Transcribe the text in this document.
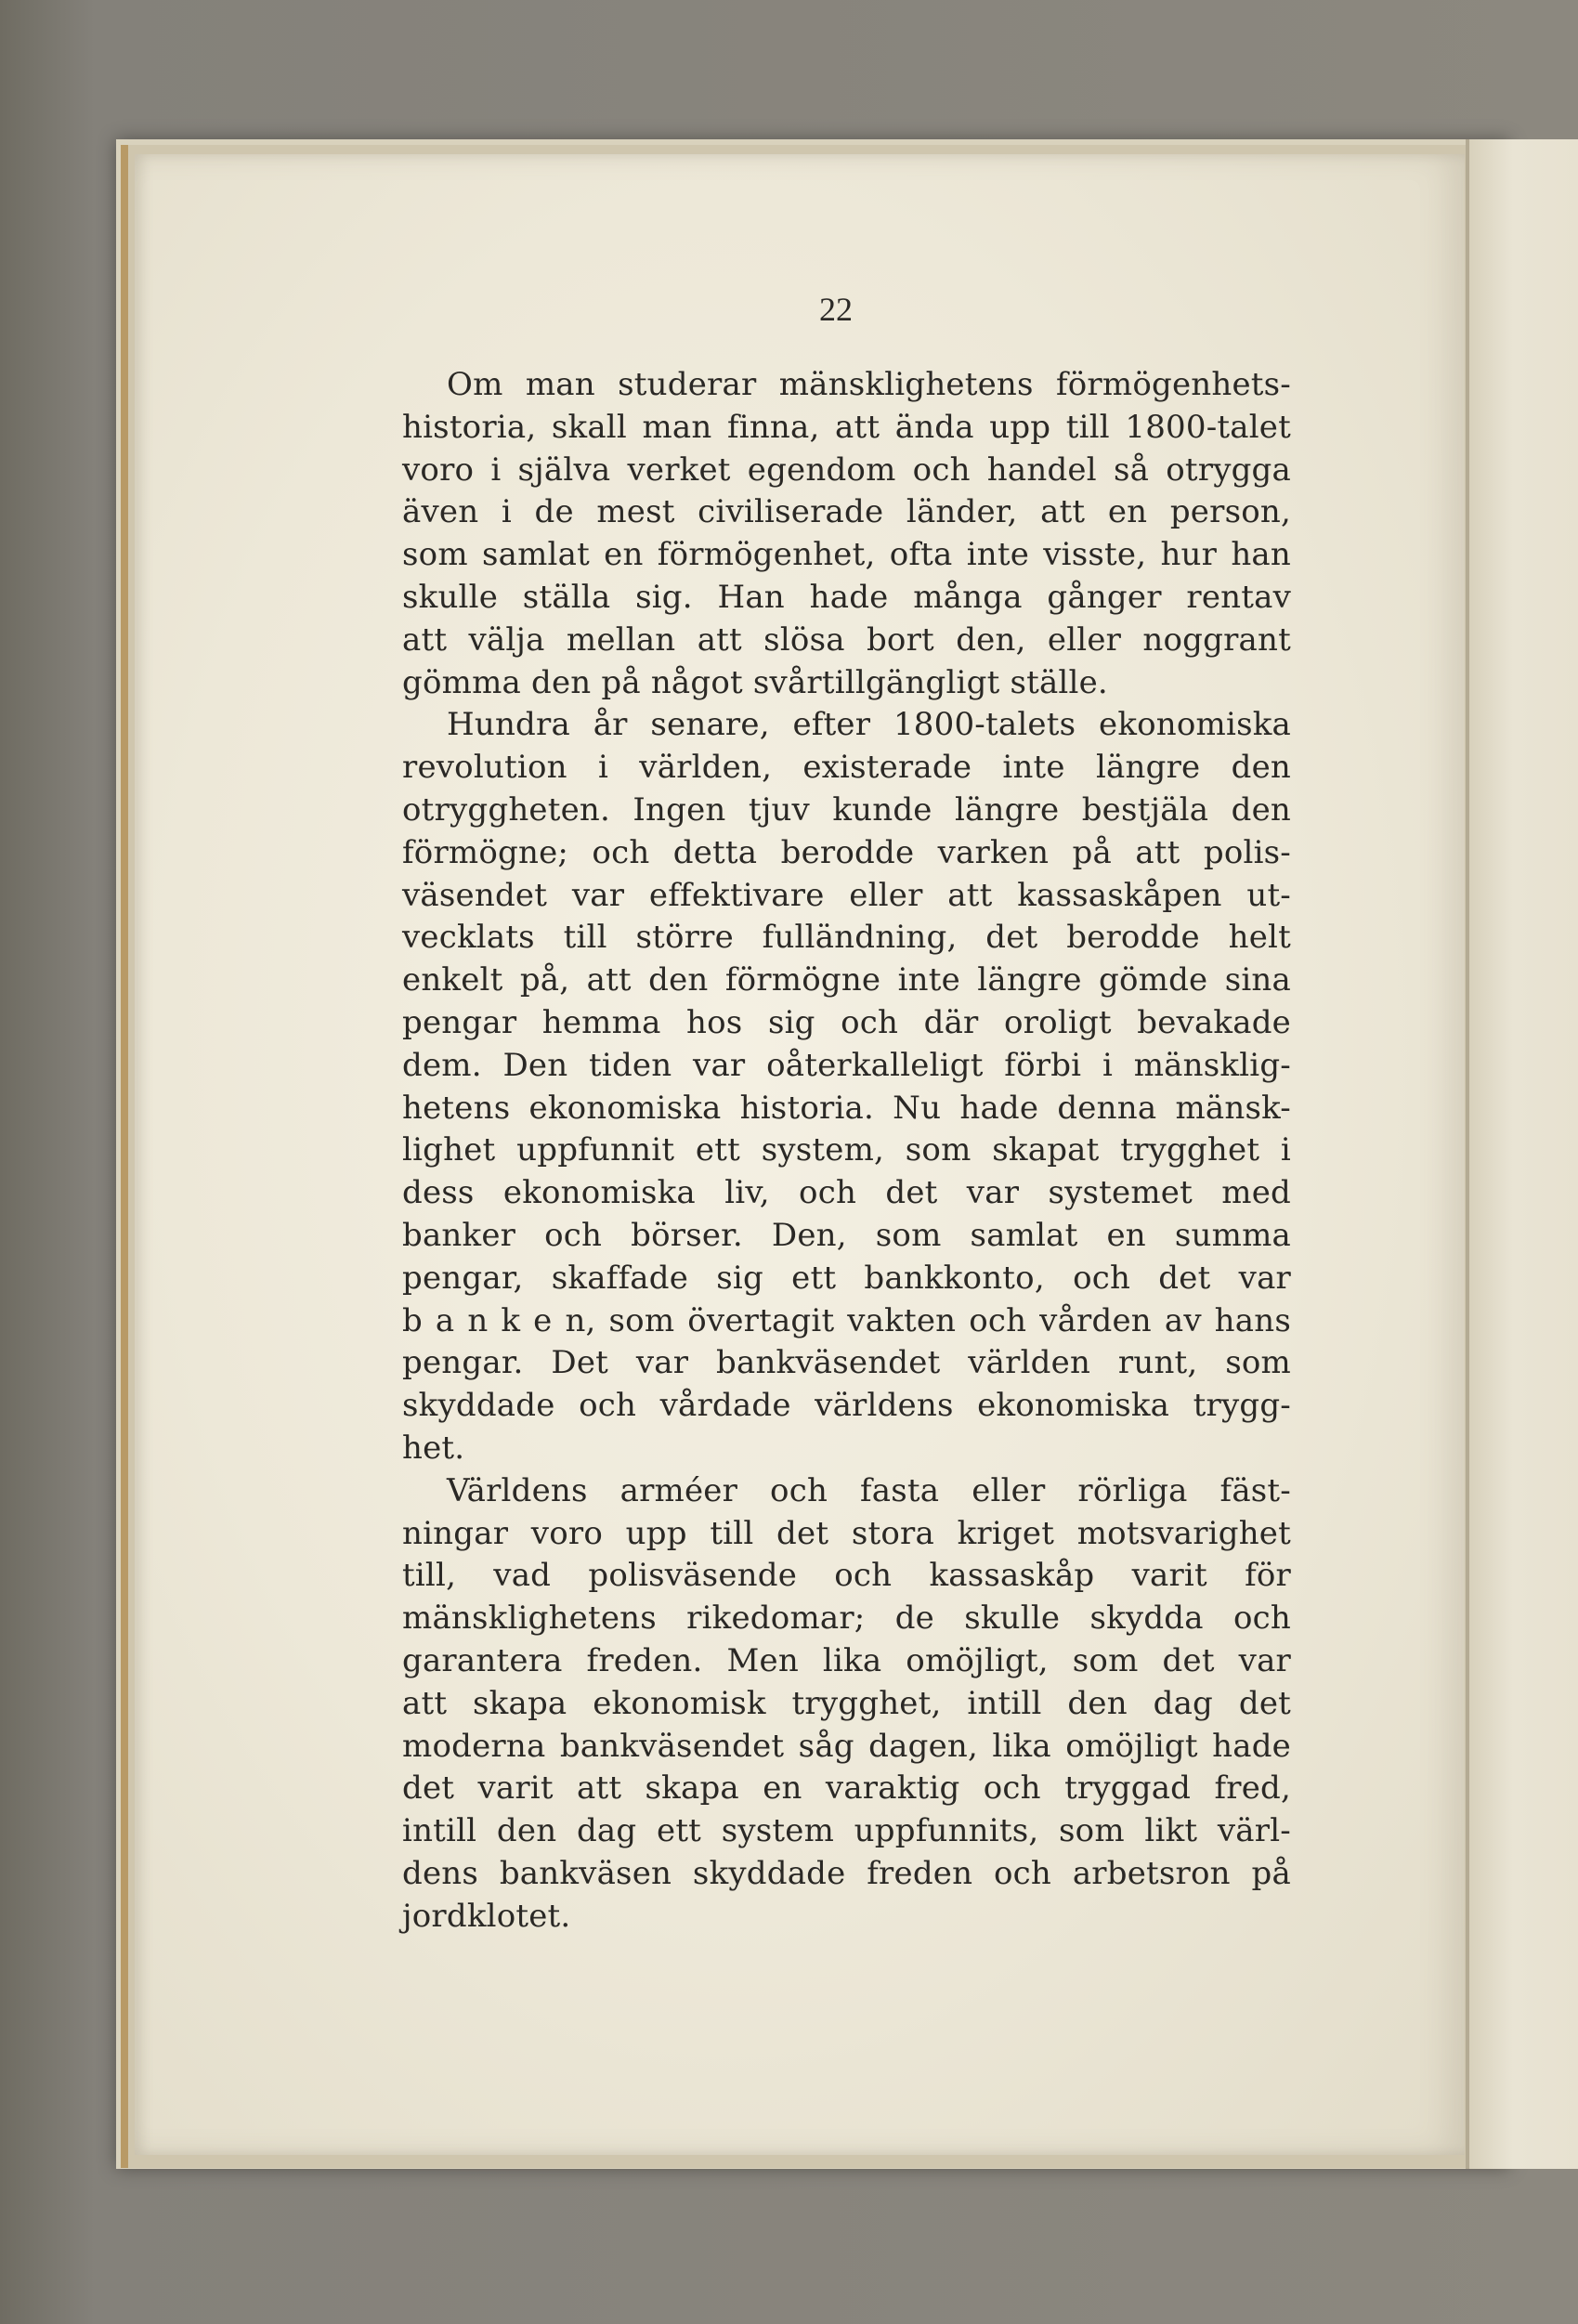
22
Om man studerar mänsklighetens förmögenhets-
historia, skall man finna, att ända upp till 1800-talet
voro i själva verket egendom och handel så otrygga
även i de mest civiliserade länder, att en person,
som samlat en förmögenhet, ofta inte visste, hur han
skulle ställa sig. Han hade många gånger rentav
att välja mellan att slösa bort den, eller noggrant
gömma den på något svårtillgängligt ställe.
Hundra år senare, efter 1800-talets ekonomiska
revolution i världen, existerade inte längre den
otryggheten. Ingen tjuv kunde längre bestjäla den
förmögne; och detta berodde varken på att polis-
väsendet var effektivare eller att kassaskåpen ut-
vecklats till större fulländning, det berodde helt
enkelt på, att den förmögne inte längre gömde sina
pengar hemma hos sig och där oroligt bevakade
dem. Den tiden var oåterkalleligt förbi i mänsklig-
hetens ekonomiska historia. Nu hade denna mänsk-
lighet uppfunnit ett system, som skapat trygghet i
dess ekonomiska liv, och det var systemet med
banker och börser. Den, som samlat en summa
pengar, skaffade sig ett bankkonto, och det var
b a n k e n, som övertagit vakten och vården av hans
pengar. Det var bankväsendet världen runt, som
skyddade och vårdade världens ekonomiska trygg-
het.
Världens arméer och fasta eller rörliga fäst-
ningar voro upp till det stora kriget motsvarighet
till, vad polisväsende och kassaskåp varit för
mänsklighetens rikedomar; de skulle skydda och
garantera freden. Men lika omöjligt, som det var
att skapa ekonomisk trygghet, intill den dag det
moderna bankväsendet såg dagen, lika omöjligt hade
det varit att skapa en varaktig och tryggad fred,
intill den dag ett system uppfunnits, som likt värl-
dens bankväsen skyddade freden och arbetsron på
jordklotet.
